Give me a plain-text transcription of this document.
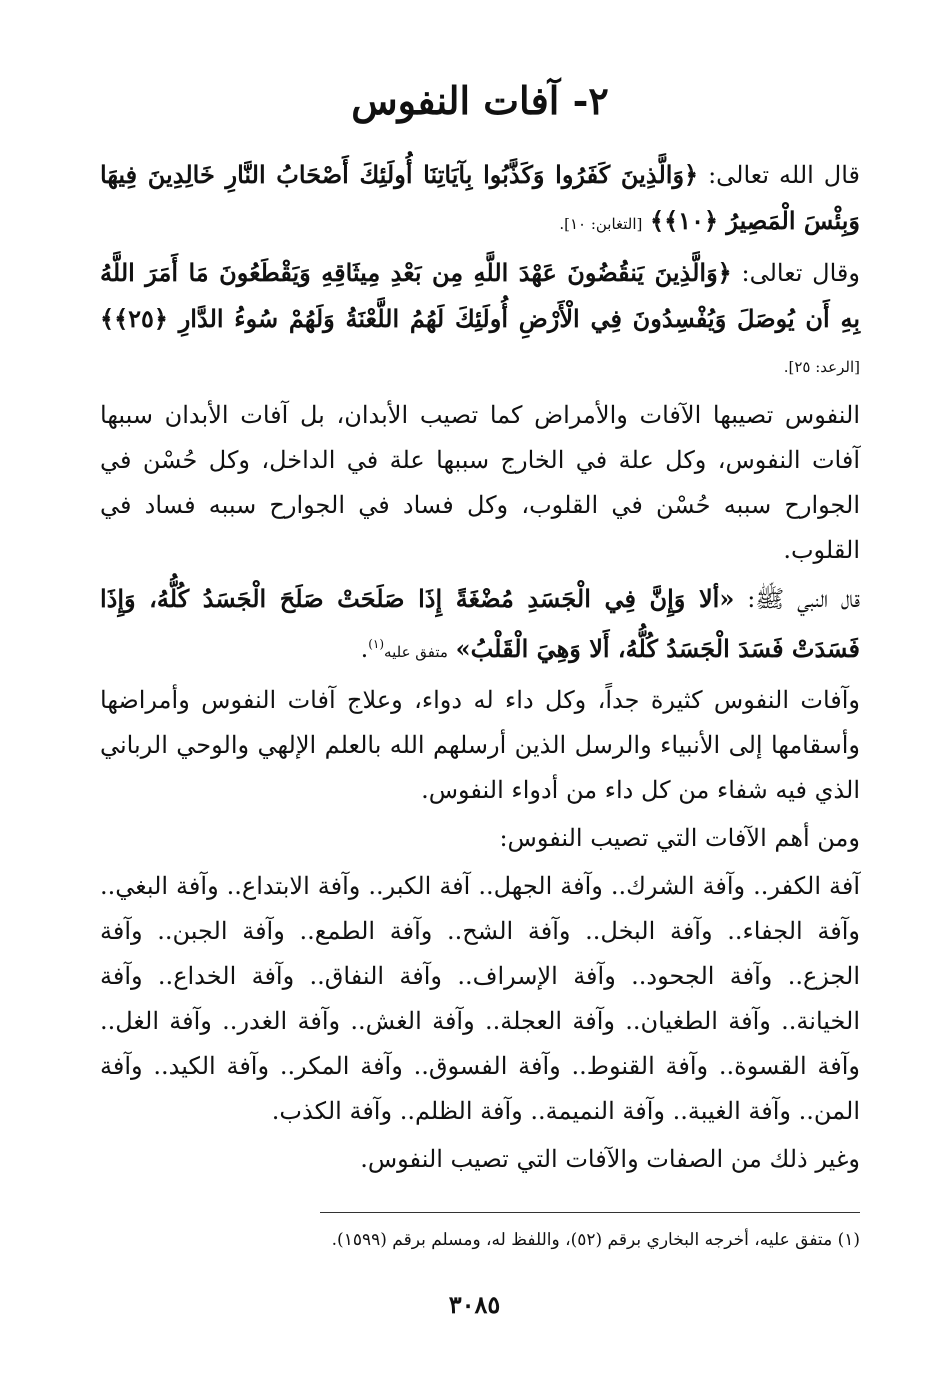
٢- آفات النفوس

قال الله تعالى: ﴿وَالَّذِينَ كَفَرُوا وَكَذَّبُوا بِآيَاتِنَا أُولَئِكَ أَصْحَابُ النَّارِ خَالِدِينَ فِيهَا وَبِئْسَ الْمَصِيرُ ﴿١٠﴾﴾ [التغابن: ١٠].

وقال تعالى: ﴿وَالَّذِينَ يَنقُضُونَ عَهْدَ اللَّهِ مِن بَعْدِ مِيثَاقِهِ وَيَقْطَعُونَ مَا أَمَرَ اللَّهُ بِهِ أَن يُوصَلَ وَيُفْسِدُونَ فِي الْأَرْضِ أُولَئِكَ لَهُمُ اللَّعْنَةُ وَلَهُمْ سُوءُ الدَّارِ ﴿٢٥﴾﴾ [الرعد: ٢٥].

النفوس تصيبها الآفات والأمراض كما تصيب الأبدان، بل آفات الأبدان سببها آفات النفوس، وكل علة في الخارج سببها علة في الداخل، وكل حُسْن في الجوارح سببه حُسْن في القلوب، وكل فساد في الجوارح سببه فساد في القلوب.

قال النبي ﷺ: «ألا وَإِنَّ فِي الْجَسَدِ مُضْغَةً إِذَا صَلَحَتْ صَلَحَ الْجَسَدُ كُلُّهُ، وَإِذَا فَسَدَتْ فَسَدَ الْجَسَدُ كُلُّهُ، أَلا وَهِيَ الْقَلْبُ» متفق عليه$^{(١)}$.

وآفات النفوس كثيرة جداً، وكل داء له دواء، وعلاج آفات النفوس وأمراضها وأسقامها إلى الأنبياء والرسل الذين أرسلهم الله بالعلم الإلهي والوحي الرباني الذي فيه شفاء من كل داء من أدواء النفوس.

ومن أهم الآفات التي تصيب النفوس:

آفة الكفر.. وآفة الشرك.. وآفة الجهل.. آفة الكبر.. وآفة الابتداع.. وآفة البغي.. وآفة الجفاء.. وآفة البخل.. وآفة الشح.. وآفة الطمع.. وآفة الجبن.. وآفة الجزع.. وآفة الجحود.. وآفة الإسراف.. وآفة النفاق.. وآفة الخداع.. وآفة الخيانة.. وآفة الطغيان.. وآفة العجلة.. وآفة الغش.. وآفة الغدر.. وآفة الغل.. وآفة القسوة.. وآفة القنوط.. وآفة الفسوق.. وآفة المكر.. وآفة الكيد.. وآفة المن.. وآفة الغيبة.. وآفة النميمة.. وآفة الظلم.. وآفة الكذب.

وغير ذلك من الصفات والآفات التي تصيب النفوس.

(١) متفق عليه، أخرجه البخاري برقم (٥٢)، واللفظ له، ومسلم برقم (١٥٩٩).
٣٠٨٥
